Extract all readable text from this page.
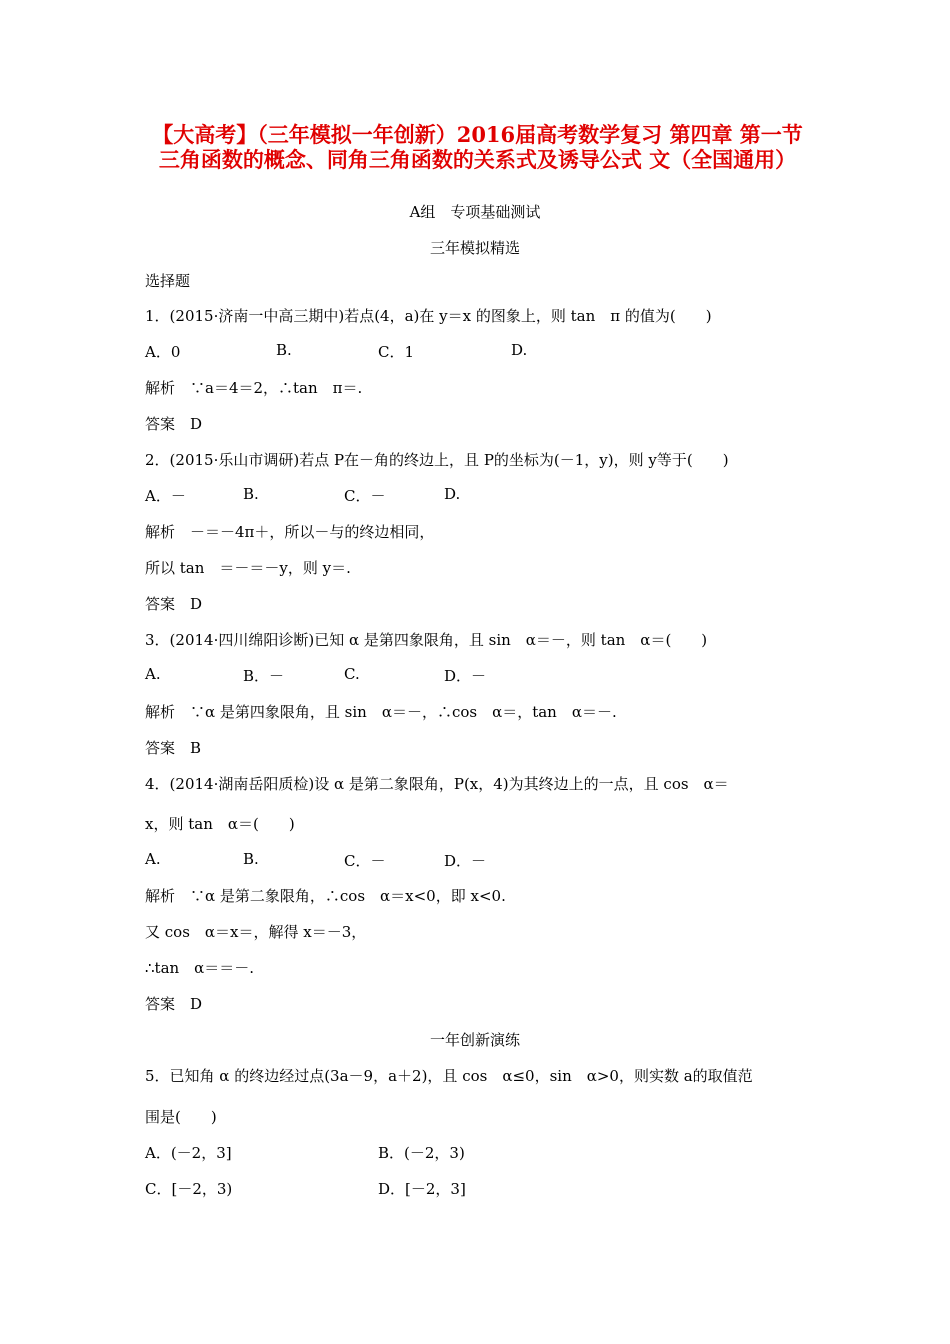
【大高考】（三年模拟一年创新）2016届高考数学复习 第四章 第一节 三角函数的概念、同角三角函数的关系式及诱导公式 文（全国通用）
A组　专项基础测试
三年模拟精选
选择题
1．(2015·济南一中高三期中)若点(4，a)在 y＝x 的图象上，则 tan　π 的值为(　　)
A．0	B.	C．1	D.
解析　∵a＝4＝2，∴tan　π＝.
答案　D
2．(2015·乐山市调研)若点 P在－角的终边上，且 P的坐标为(－1，y)，则 y等于(　　)
A．－	B.	C．－	D.
解析　－＝－4π＋，所以－与的终边相同，
所以 tan　＝－＝－y，则 y＝.
答案　D
3．(2014·四川绵阳诊断)已知 α 是第四象限角，且 sin　α＝－，则 tan　α＝(　　)
A.	B．－	C.	D．－
解析　∵α 是第四象限角，且 sin　α＝－，∴cos　α＝，tan　α＝－.
答案　B
4．(2014·湖南岳阳质检)设 α 是第二象限角，P(x，4)为其终边上的一点，且 cos　α＝
x，则 tan　α＝(　　)
A.	B.	C．－	D．－
解析　∵α 是第二象限角，∴cos　α＝x<0，即 x<0.
又 cos　α＝x＝，解得 x＝－3，
∴tan　α＝＝－.
答案　D
一年创新演练
5．已知角 α 的终边经过点(3a－9，a＋2)，且 cos　α≤0，sin　α>0，则实数 a的取值范
围是(　　)
A．(－2，3]	B．(－2，3)
C．[－2，3)	D．[－2，3]
